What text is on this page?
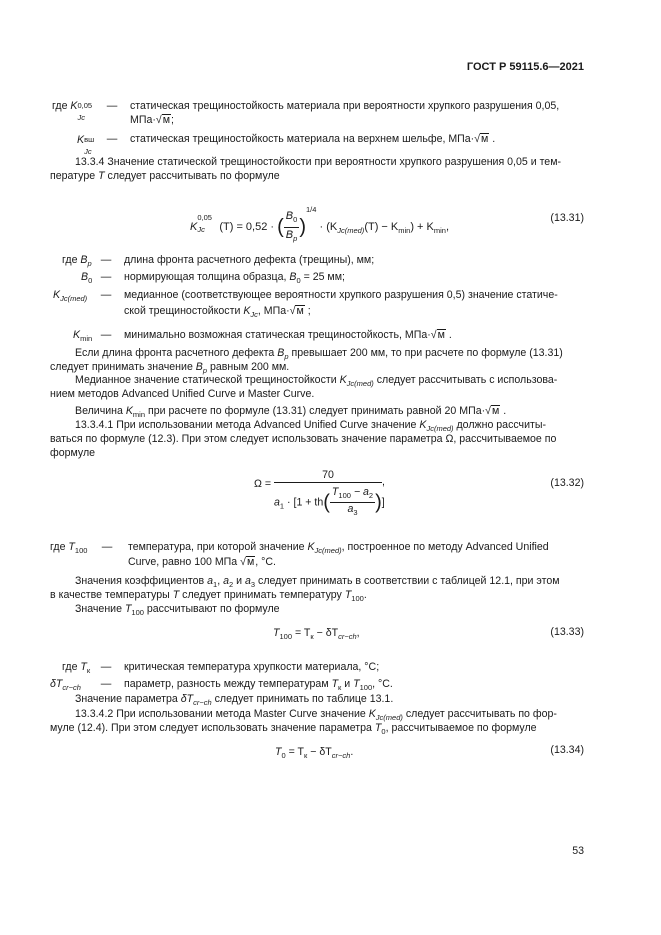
ГОСТ Р 59115.6—2021
где K 0,05
Jc
— статическая трещиностойкость материала при вероятности хрупкого разрушения 0,05,
МПа·√м;
K вш
Jc
— статическая трещиностойкость материала на верхнем шельфе, МПа·√м .
13.3.4 Значение статической трещиностойкости при вероятности хрупкого разрушения 0,05 и тем-
пературе T следует рассчитывать по формуле
K
0,05
Jc (T) = 0,52 · ( $\frac{B_0}{B_p} )^{1/4} \cdot (K_{Jc(med)}(T) - K_{min}) + K_{min}$,
(13.31)
где $B_p$ — длина фронта расчетного дефекта (трещины), мм;
$B_0$ — нормирующая толщина образца, $B_0 = 25$ мм;
$K_{Jc(med)}$ — медианное (соответствующее вероятности хрупкого разрушения 0,5) значение статиче-
ской трещиностойкости $K_{Jc}$, МПа·√м ;
$K_{min}$ — минимально возможная статическая трещиностойкость, МПа·√м .
Если длина фронта расчетного дефекта $B_p$ превышает 200 мм, то при расчете по формуле (13.31)
следует принимать значение $B_p$ равным 200 мм.
Медианное значение статической трещиностойкости $K_{Jc(med)}$ следует рассчитывать с использова-
нием методов Advanced Unified Curve и Master Curve.
Величина $K_{min}$ при расчете по формуле (13.31) следует принимать равной 20 МПа·√м .
13.3.4.1 При использовании метода Advanced Unified Curve значение $K_{Jc(med)}$ должно рассчиты-
ваться по формуле (12.3). При этом следует использовать значение параметра Ω, рассчитываемое по
формуле
Ω =
70
,
$a_1 \cdot [1 + th( \frac{T_{100} - a_2}{a_3}$ )]
(13.32)
где $T_{100}$ — температура, при которой значение $K_{Jc(med)}$, построенное по методу Advanced Unified
Curve, равно 100 МПа √м, °С.
Значения коэффициентов $a_1$, $a_2$ и $a_3$ следует принимать в соответствии с таблицей 12.1, при этом
в качестве температуры T следует принимать температуру $T_{100}$.
Значение $T_{100}$ рассчитывают по формуле
$T_{100} = T_к - \delta T_{cr-ch}$,	(13.33)
где $T_к$ — критическая температура хрупкости материала, °С;
$\delta T_{cr-ch}$ — параметр, разность между температурам $T_к$ и $T_{100}$, °С.
Значение параметра $\delta T_{cr-ch}$ следует принимать по таблице 13.1.
13.3.4.2 При использовании метода Master Curve значение $K_{Jc(med)}$ следует рассчитывать по фор-
муле (12.4). При этом следует использовать значение параметра $T_0$, рассчитываемое по формуле
$T_0 = T_к - \delta T_{cr-ch}$.	(13.34)
53
